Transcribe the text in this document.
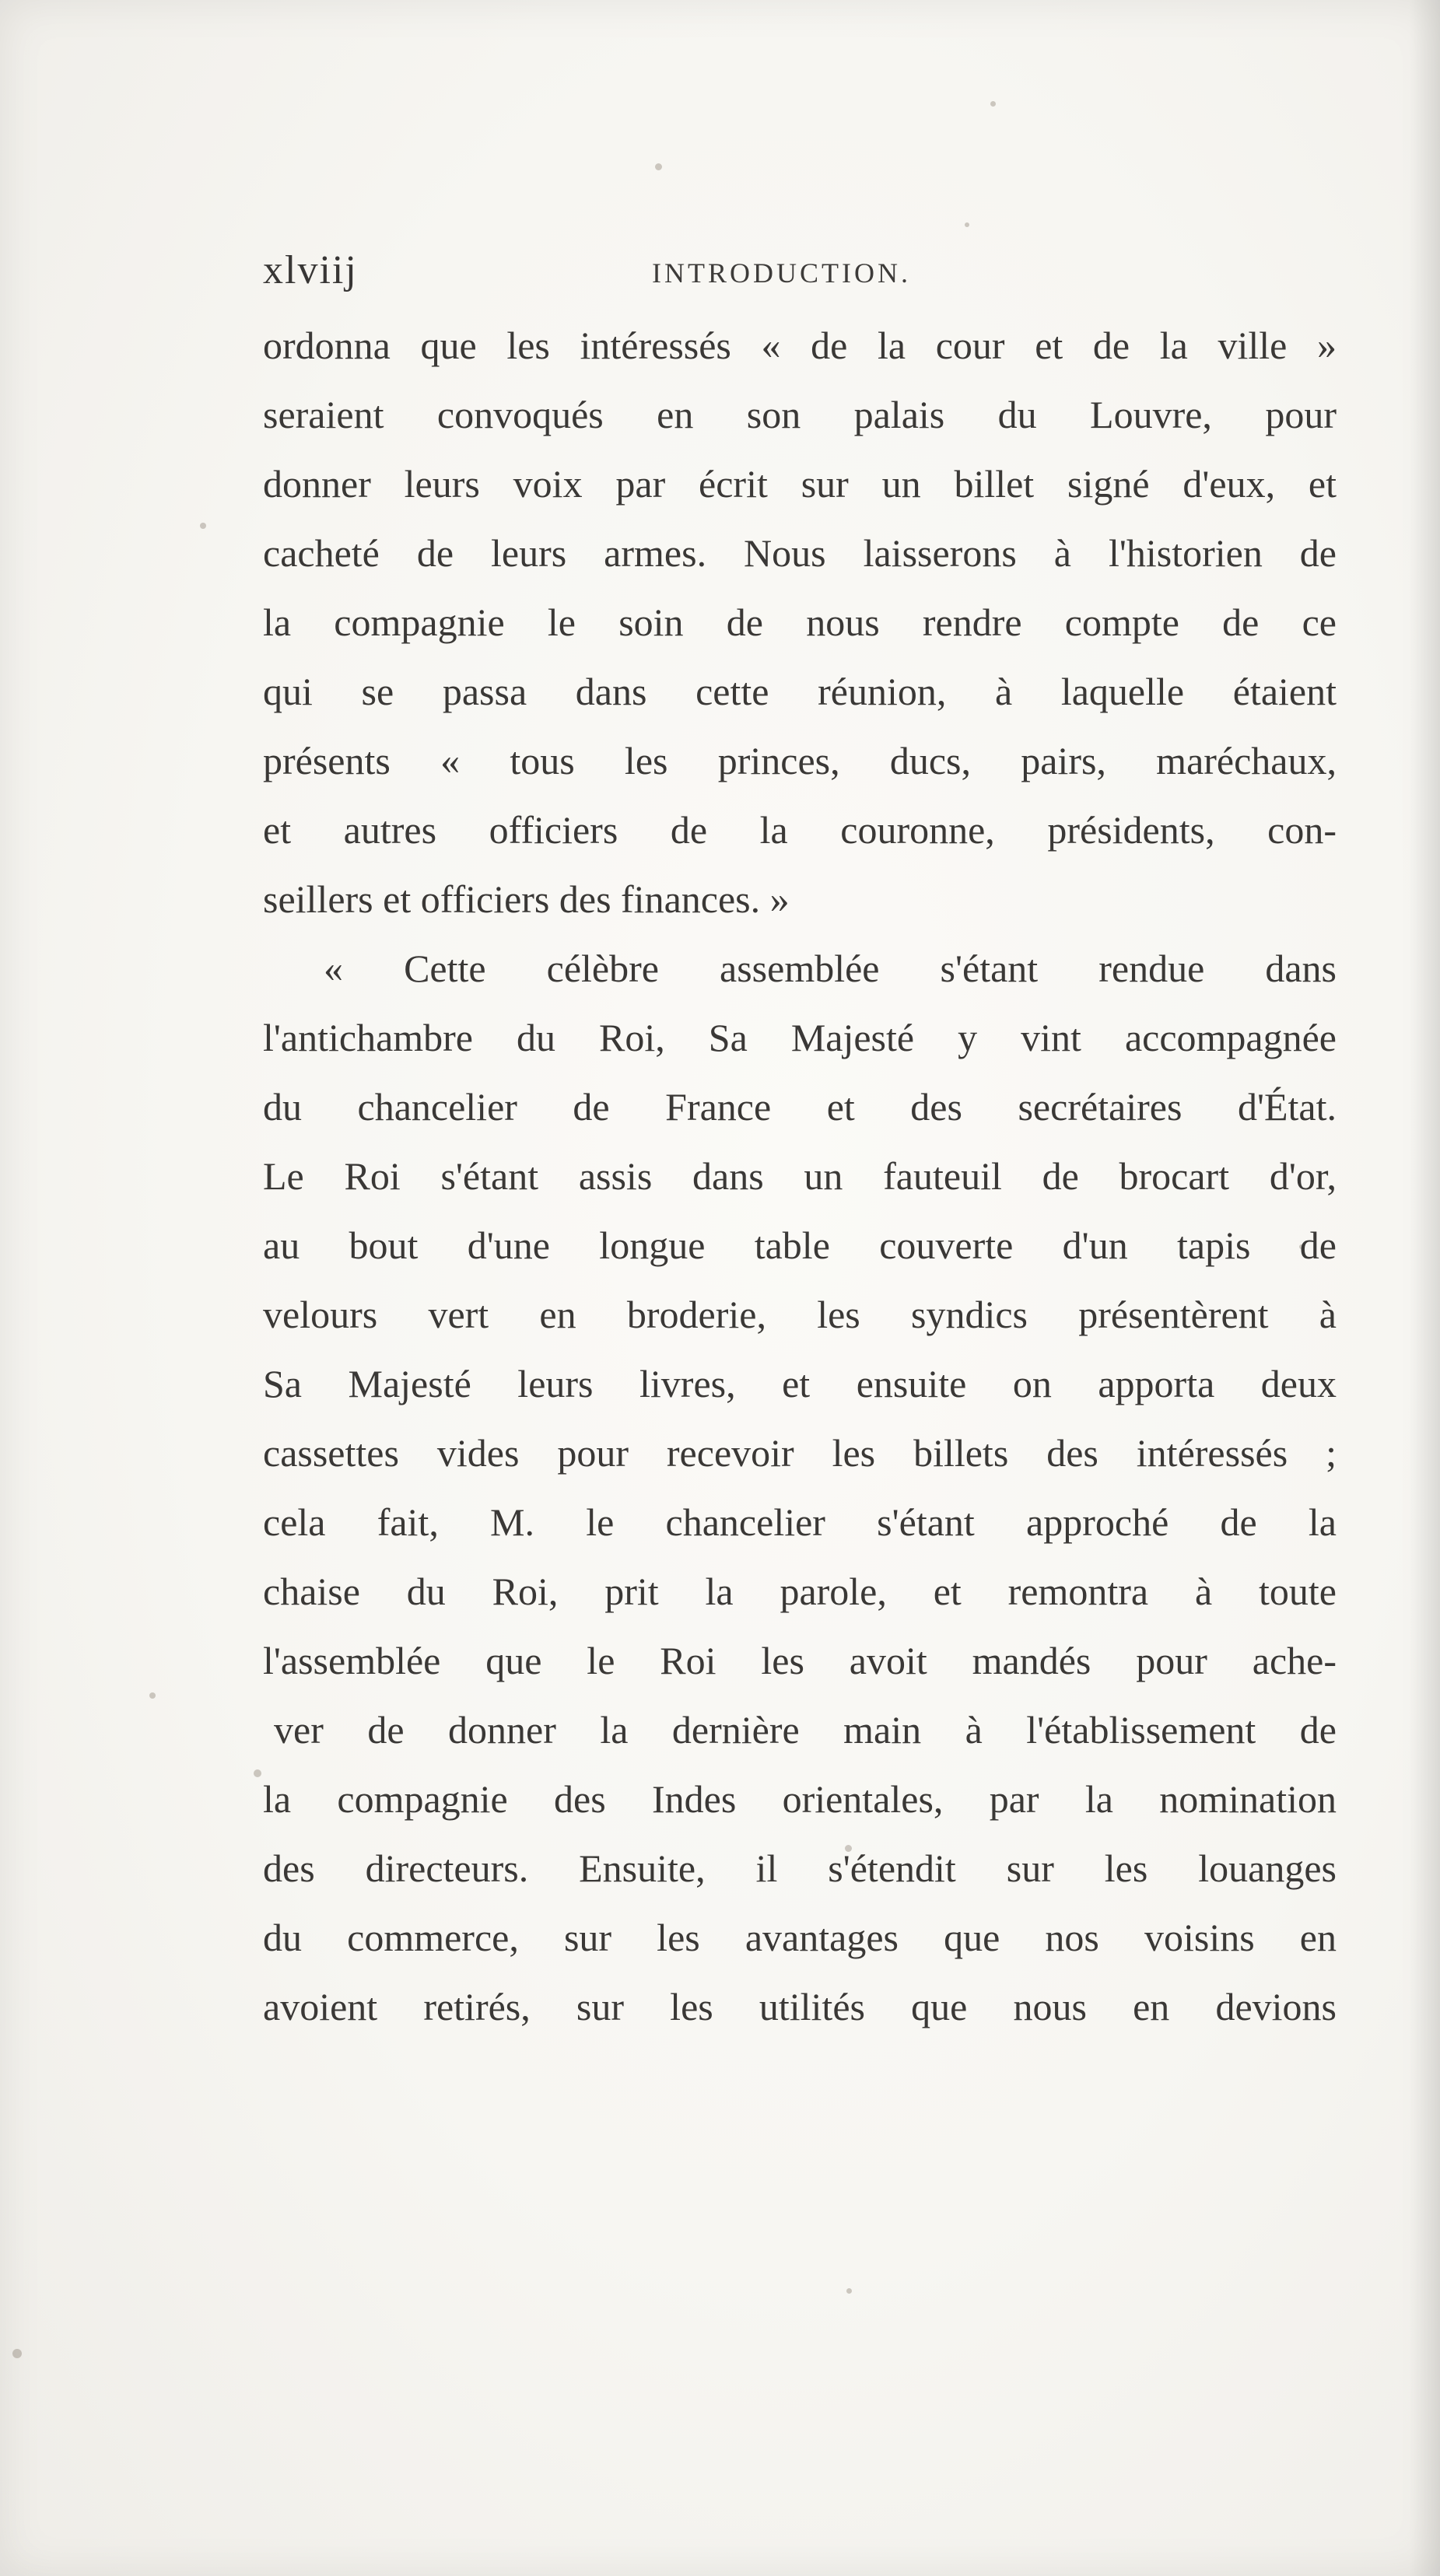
xlviij	INTRODUCTION.
ordonna que les intéressés « de la cour et de la ville »
seraient convoqués en son palais du Louvre, pour
donner leurs voix par écrit sur un billet signé d'eux, et
cacheté de leurs armes. Nous laisserons à l'historien de
la compagnie le soin de nous rendre compte de ce
qui se passa dans cette réunion, à laquelle étaient
présents « tous les princes, ducs, pairs, maréchaux,
et autres officiers de la couronne, présidents, con-
seillers et officiers des finances. »
« Cette célèbre assemblée s'étant rendue dans
l'antichambre du Roi, Sa Majesté y vint accompagnée
du chancelier de France et des secrétaires d'État.
Le Roi s'étant assis dans un fauteuil de brocart d'or,
au bout d'une longue table couverte d'un tapis de
velours vert en broderie, les syndics présentèrent à
Sa Majesté leurs livres, et ensuite on apporta deux
cassettes vides pour recevoir les billets des intéressés ;
cela fait, M. le chancelier s'étant approché de la
chaise du Roi, prit la parole, et remontra à toute
l'assemblée que le Roi les avoit mandés pour ache-
ver de donner la dernière main à l'établissement de
la compagnie des Indes orientales, par la nomination
des directeurs. Ensuite, il s'étendit sur les louanges
du commerce, sur les avantages que nos voisins en
avoient retirés, sur les utilités que nous en devions
